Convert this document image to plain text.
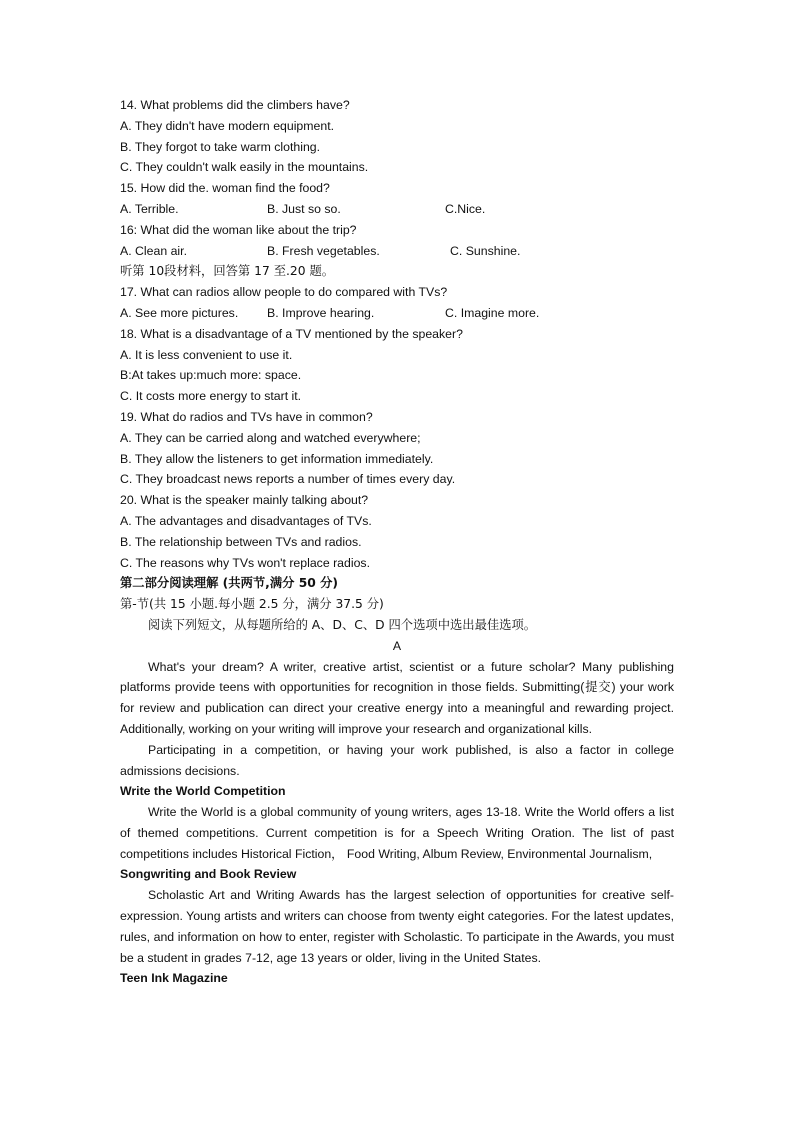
14. What problems did the climbers have?
A. They didn't have modern equipment.
B. They forgot to take warm clothing.
C. They couldn't walk easily in the mountains.
15. How did the. woman find the food?
A. Terrible.	B. Just so so.	C.Nice.
16: What did the woman like about the trip?
A. Clean air.	B. Fresh vegetables.	C. Sunshine.
听第 10段材料，回答第 17 至.20 题。
17. What can radios allow people to do compared with TVs?
A. See more pictures.	B. Improve hearing.	C. Imagine more.
18. What is a disadvantage of a TV mentioned by the speaker?
A. It is less convenient to use it.
B:At takes up:much more: space.
C. It costs more energy to start it.
19. What do radios and TVs have in common?
A. They can be carried along and watched everywhere;
B. They allow the listeners to get information immediately.
C. They broadcast news reports a number of times every day.
20. What is the speaker mainly talking about?
A. The advantages and disadvantages of TVs.
B. The relationship between TVs and radios.
C. The reasons why TVs won't replace radios.
第二部分阅读理解 (共两节,满分 50 分)
第-节(共 15 小题.每小题 2.5 分，满分 37.5 分)
阅读下列短文，从每题所给的 A、D、C、D 四个选项中选出最佳选项。
A
What's your dream? A writer, creative artist, scientist or a future scholar? Many publishing platforms provide teens with opportunities for recognition in those fields. Submitting(提交) your work for review and publication can direct your creative energy into a meaningful and rewarding project. Additionally, working on your writing will improve your research and organizational kills.
Participating in a competition, or having your work published, is also a factor in college admissions decisions.
Write the World Competition
Write the World is a global community of young writers, ages 13-18. Write the World offers a list of themed competitions. Current competition is for a Speech Writing Oration. The list of past competitions includes Historical Fiction， Food Writing, Album Review, Environmental Journalism,
Songwriting and Book Review
Scholastic Art and Writing Awards has the largest selection of opportunities for creative self-expression. Young artists and writers can choose from twenty eight categories. For the latest updates, rules, and information on how to enter, register with Scholastic. To participate in the Awards, you must be a student in grades 7-12, age 13 years or older, living in the United States.
Teen Ink Magazine
